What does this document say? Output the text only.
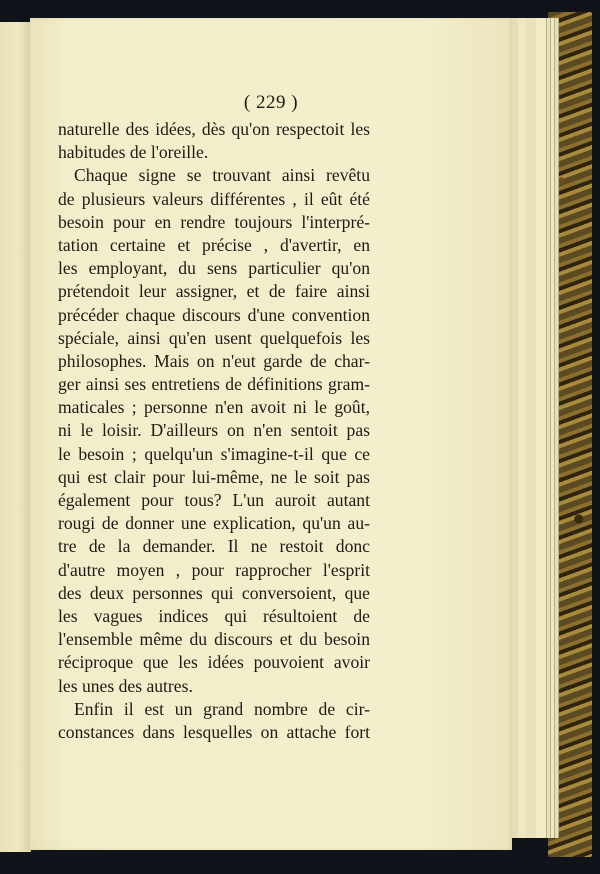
( 229 )
naturelle des idées, dès qu'on respectoit les
habitudes de l'oreille.
Chaque signe se trouvant ainsi revêtu
de plusieurs valeurs différentes , il eût été
besoin pour en rendre toujours l'interpré-
tation certaine et précise , d'avertir, en
les employant, du sens particulier qu'on
prétendoit leur assigner, et de faire ainsi
précéder chaque discours d'une convention
spéciale, ainsi qu'en usent quelquefois les
philosophes. Mais on n'eut garde de char-
ger ainsi ses entretiens de définitions gram-
maticales ; personne n'en avoit ni le goût,
ni le loisir. D'ailleurs on n'en sentoit pas
le besoin ; quelqu'un s'imagine-t-il que ce
qui est clair pour lui-même, ne le soit pas
également pour tous? L'un auroit autant
rougi de donner une explication, qu'un au-
tre de la demander. Il ne restoit donc
d'autre moyen , pour rapprocher l'esprit
des deux personnes qui conversoient, que
les vagues indices qui résultoient de
l'ensemble même du discours et du besoin
réciproque que les idées pouvoient avoir
les unes des autres.
Enfin il est un grand nombre de cir-
constances dans lesquelles on attache fort
